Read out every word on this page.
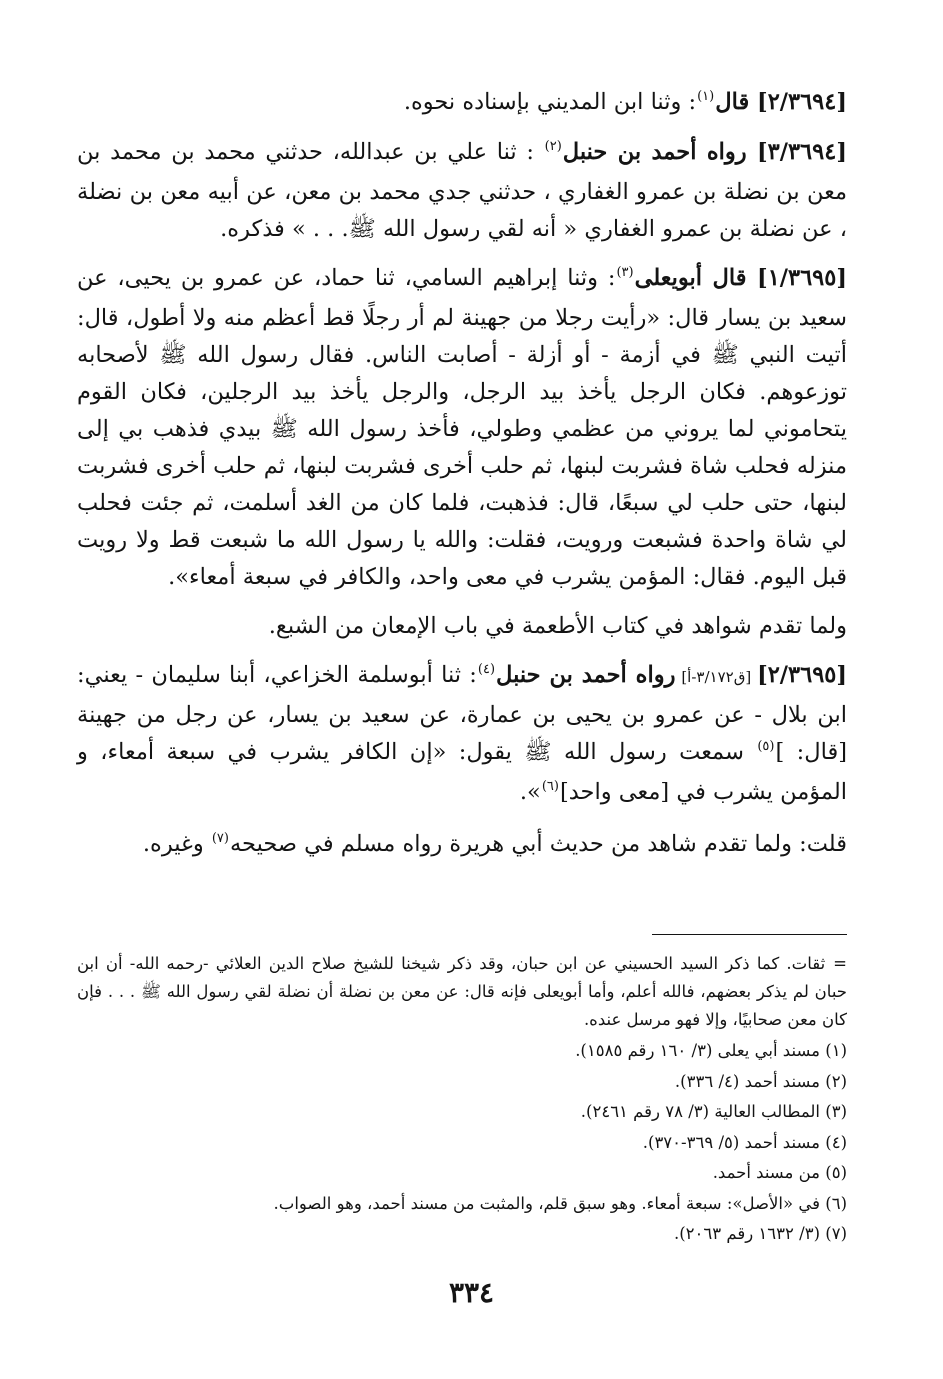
[٢/٣٦٩٤] قال$^{(١)}$: وثنا ابن المديني بإسناده نحوه.

[٣/٣٦٩٤] رواه أحمد بن حنبل$^{(٢)}$ : ثنا علي بن عبدالله، حدثني محمد بن محمد بن معن بن نضلة بن عمرو الغفاري ، حدثني جدي محمد بن معن، عن أبيه معن بن نضلة ، عن نضلة بن عمرو الغفاري « أنه لقي رسول الله ﷺ. . . » فذكره.

[١/٣٦٩٥] قال أبويعلى$^{(٣)}$: وثنا إبراهيم السامي، ثنا حماد، عن عمرو بن يحيى، عن سعيد بن يسار قال: «رأيت رجلا من جهينة لم أر رجلًا قط أعظم منه ولا أطول، قال: أتيت النبي ﷺ في أزمة - أو أزلة - أصابت الناس. فقال رسول الله ﷺ لأصحابه توزعوهم. فكان الرجل يأخذ بيد الرجل، والرجل يأخذ بيد الرجلين، فكان القوم يتحاموني لما يروني من عظمي وطولي، فأخذ رسول الله ﷺ بيدي فذهب بي إلى منزله فحلب شاة فشربت لبنها، ثم حلب أخرى فشربت لبنها، ثم حلب أخرى فشربت لبنها، حتى حلب لي سبعًا، قال: فذهبت، فلما كان من الغد أسلمت، ثم جئت فحلب لي شاة واحدة فشبعت ورويت، فقلت: والله يا رسول الله ما شبعت قط ولا رويت قبل اليوم. فقال: المؤمن يشرب في معى واحد، والكافر في سبعة أمعاء».

ولما تقدم شواهد في كتاب الأطعمة في باب الإمعان من الشبع.

[٢/٣٦٩٥] [ق٣/١٧٢-أ] رواه أحمد بن حنبل$^{(٤)}$: ثنا أبوسلمة الخزاعي، أبنا سليمان - يعني: ابن بلال - عن عمرو بن يحيى بن عمارة، عن سعيد بن يسار، عن رجل من جهينة [قال: ]$^{(٥)}$ سمعت رسول الله ﷺ يقول: «إن الكافر يشرب في سبعة أمعاء، و المؤمن يشرب في [معى واحد]$^{(٦)}$».

قلت: ولما تقدم شاهد من حديث أبي هريرة رواه مسلم في صحيحه$^{(٧)}$ وغيره.

=ثقات. كما ذكر السيد الحسيني عن ابن حبان، وقد ذكر شيخنا للشيخ صلاح الدين العلائي -رحمه الله- أن ابن حبان لم يذكر بعضهم، فالله أعلم، وأما أبويعلى فإنه قال: عن معن بن نضلة أن نضلة لقي رسول الله ﷺ . . . فإن كان معن صحابيًا، وإلا فهو مرسل عنده.

(١) مسند أبي يعلى (٣/ ١٦٠ رقم ١٥٨٥).

(٢) مسند أحمد (٤/ ٣٣٦).

(٣) المطالب العالية (٣/ ٧٨ رقم ٢٤٦١).

(٤) مسند أحمد (٥/ ٣٦٩-٣٧٠).

(٥) من مسند أحمد.

(٦) في «الأصل»: سبعة أمعاء. وهو سبق قلم، والمثبت من مسند أحمد، وهو الصواب.

(٧) (٣/ ١٦٣٢ رقم ٢٠٦٣).

٣٣٤
